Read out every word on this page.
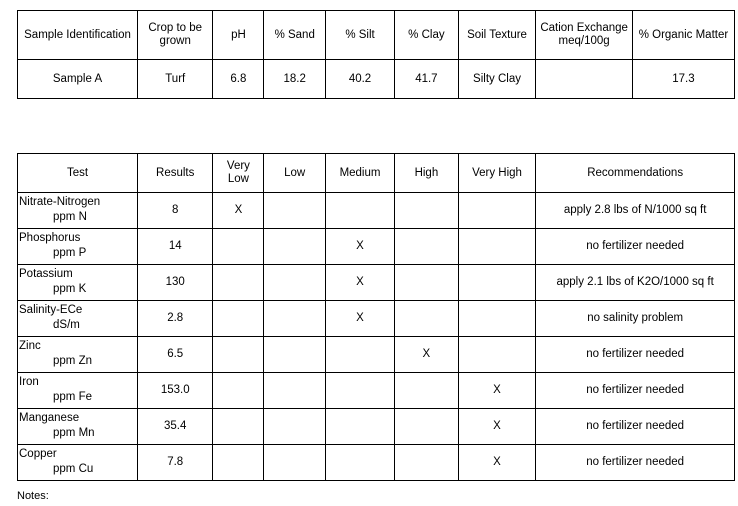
Sample Identification	Crop to be grown	pH	% Sand	% Silt	% Clay	Soil Texture	Cation Exchange meq/100g	% Organic Matter
Sample A	Turf	6.8	18.2	40.2	41.7	Silty Clay		17.3
Test	Results	Very Low	Low	Medium	High	Very High	Recommendations

Nitrate-Nitrogen
ppm N	8	X					apply 2.8 lbs of N/1000 sq ft

Phosphorus
ppm P	14			X			no fertilizer needed

Potassium
ppm K	130			X			apply 2.1 lbs of K2O/1000 sq ft

Salinity-ECe
dS/m	2.8			X			no salinity problem

Zinc
ppm Zn	6.5				X		no fertilizer needed

Iron
ppm Fe	153.0					X	no fertilizer needed

Manganese
ppm Mn	35.4					X	no fertilizer needed

Copper
ppm Cu	7.8					X	no fertilizer needed
Notes:
